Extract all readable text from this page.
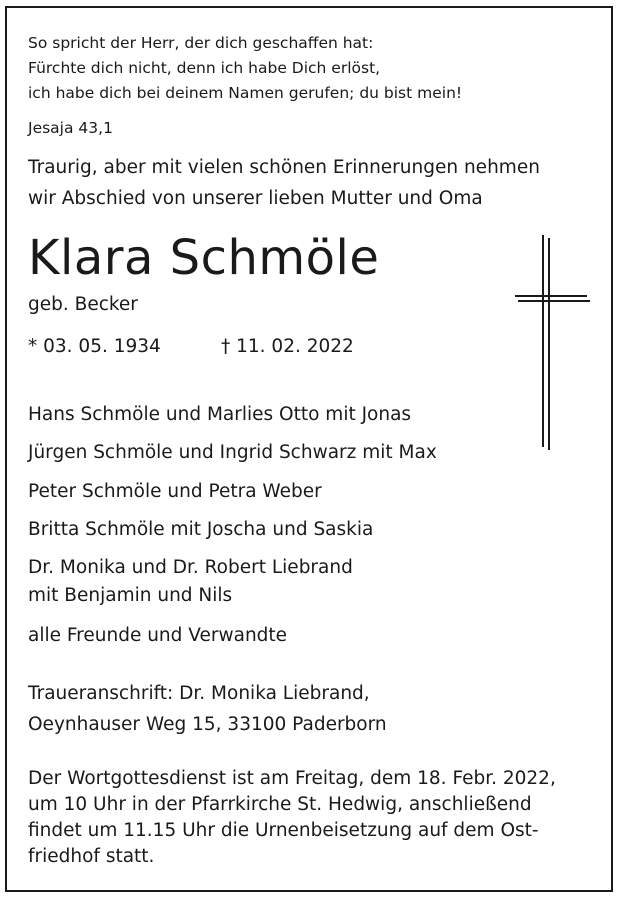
So spricht der Herr, der dich geschaffen hat:

Fürchte dich nicht, denn ich habe Dich erlöst,

ich habe dich bei deinem Namen gerufen; du bist mein!

Jesaja 43,1

Traurig, aber mit vielen schönen Erinnerungen nehmen

wir Abschied von unserer lieben Mutter und Oma

Klara Schmöle

geb. Becker

* 03. 05. 1934	† 11. 02. 2022

Hans Schmöle und Marlies Otto mit Jonas

Jürgen Schmöle und Ingrid Schwarz mit Max

Peter Schmöle und Petra Weber

Britta Schmöle mit Joscha und Saskia

Dr. Monika und Dr. Robert Liebrand

mit Benjamin und Nils

alle Freunde und Verwandte

Traueranschrift: Dr. Monika Liebrand,

Oeynhauser Weg 15, 33100 Paderborn

Der Wortgottesdienst ist am Freitag, dem 18. Febr. 2022,

um 10 Uhr in der Pfarrkirche St. Hedwig, anschließend

findet um 11.15 Uhr die Urnenbeisetzung auf dem Ost-

friedhof statt.
